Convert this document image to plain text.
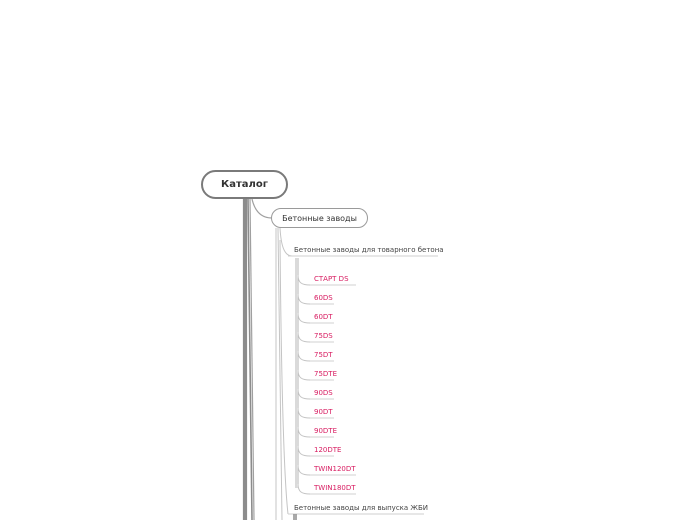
Каталог
Бетонные заводы
Бетонные заводы для товарного бетона
Бетонные заводы для выпуска ЖБИ
СТАРТ DS
60DS
60DT
75DS
75DT
75DTE
90DS
90DT
90DTE
120DTE
TWIN120DT
TWIN180DT
